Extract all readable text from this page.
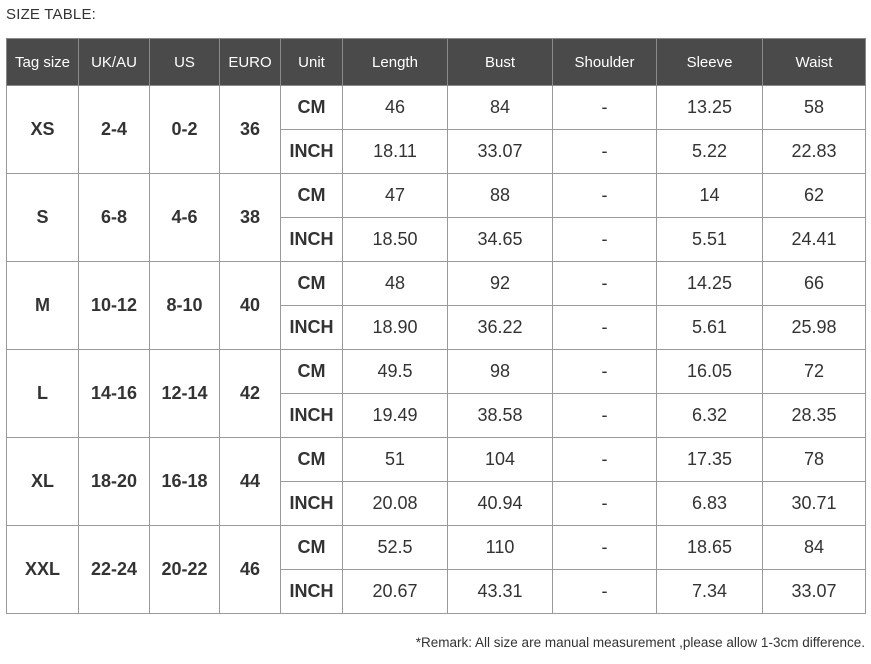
SIZE TABLE:
Tag size	UK/AU	US	EURO	Unit	Length	Bust	Shoulder	Sleeve	Waist
XS	2-4	0-2	36	CM	46	84	-	13.25	58
				INCH	18.11	33.07	-	5.22	22.83
S	6-8	4-6	38	CM	47	88	-	14	62
				INCH	18.50	34.65	-	5.51	24.41
M	10-12	8-10	40	CM	48	92	-	14.25	66
				INCH	18.90	36.22	-	5.61	25.98
L	14-16	12-14	42	CM	49.5	98	-	16.05	72
				INCH	19.49	38.58	-	6.32	28.35
XL	18-20	16-18	44	CM	51	104	-	17.35	78
				INCH	20.08	40.94	-	6.83	30.71
XXL	22-24	20-22	46	CM	52.5	110	-	18.65	84
				INCH	20.67	43.31	-	7.34	33.07
*Remark: All size are manual measurement ,please allow 1-3cm difference.
